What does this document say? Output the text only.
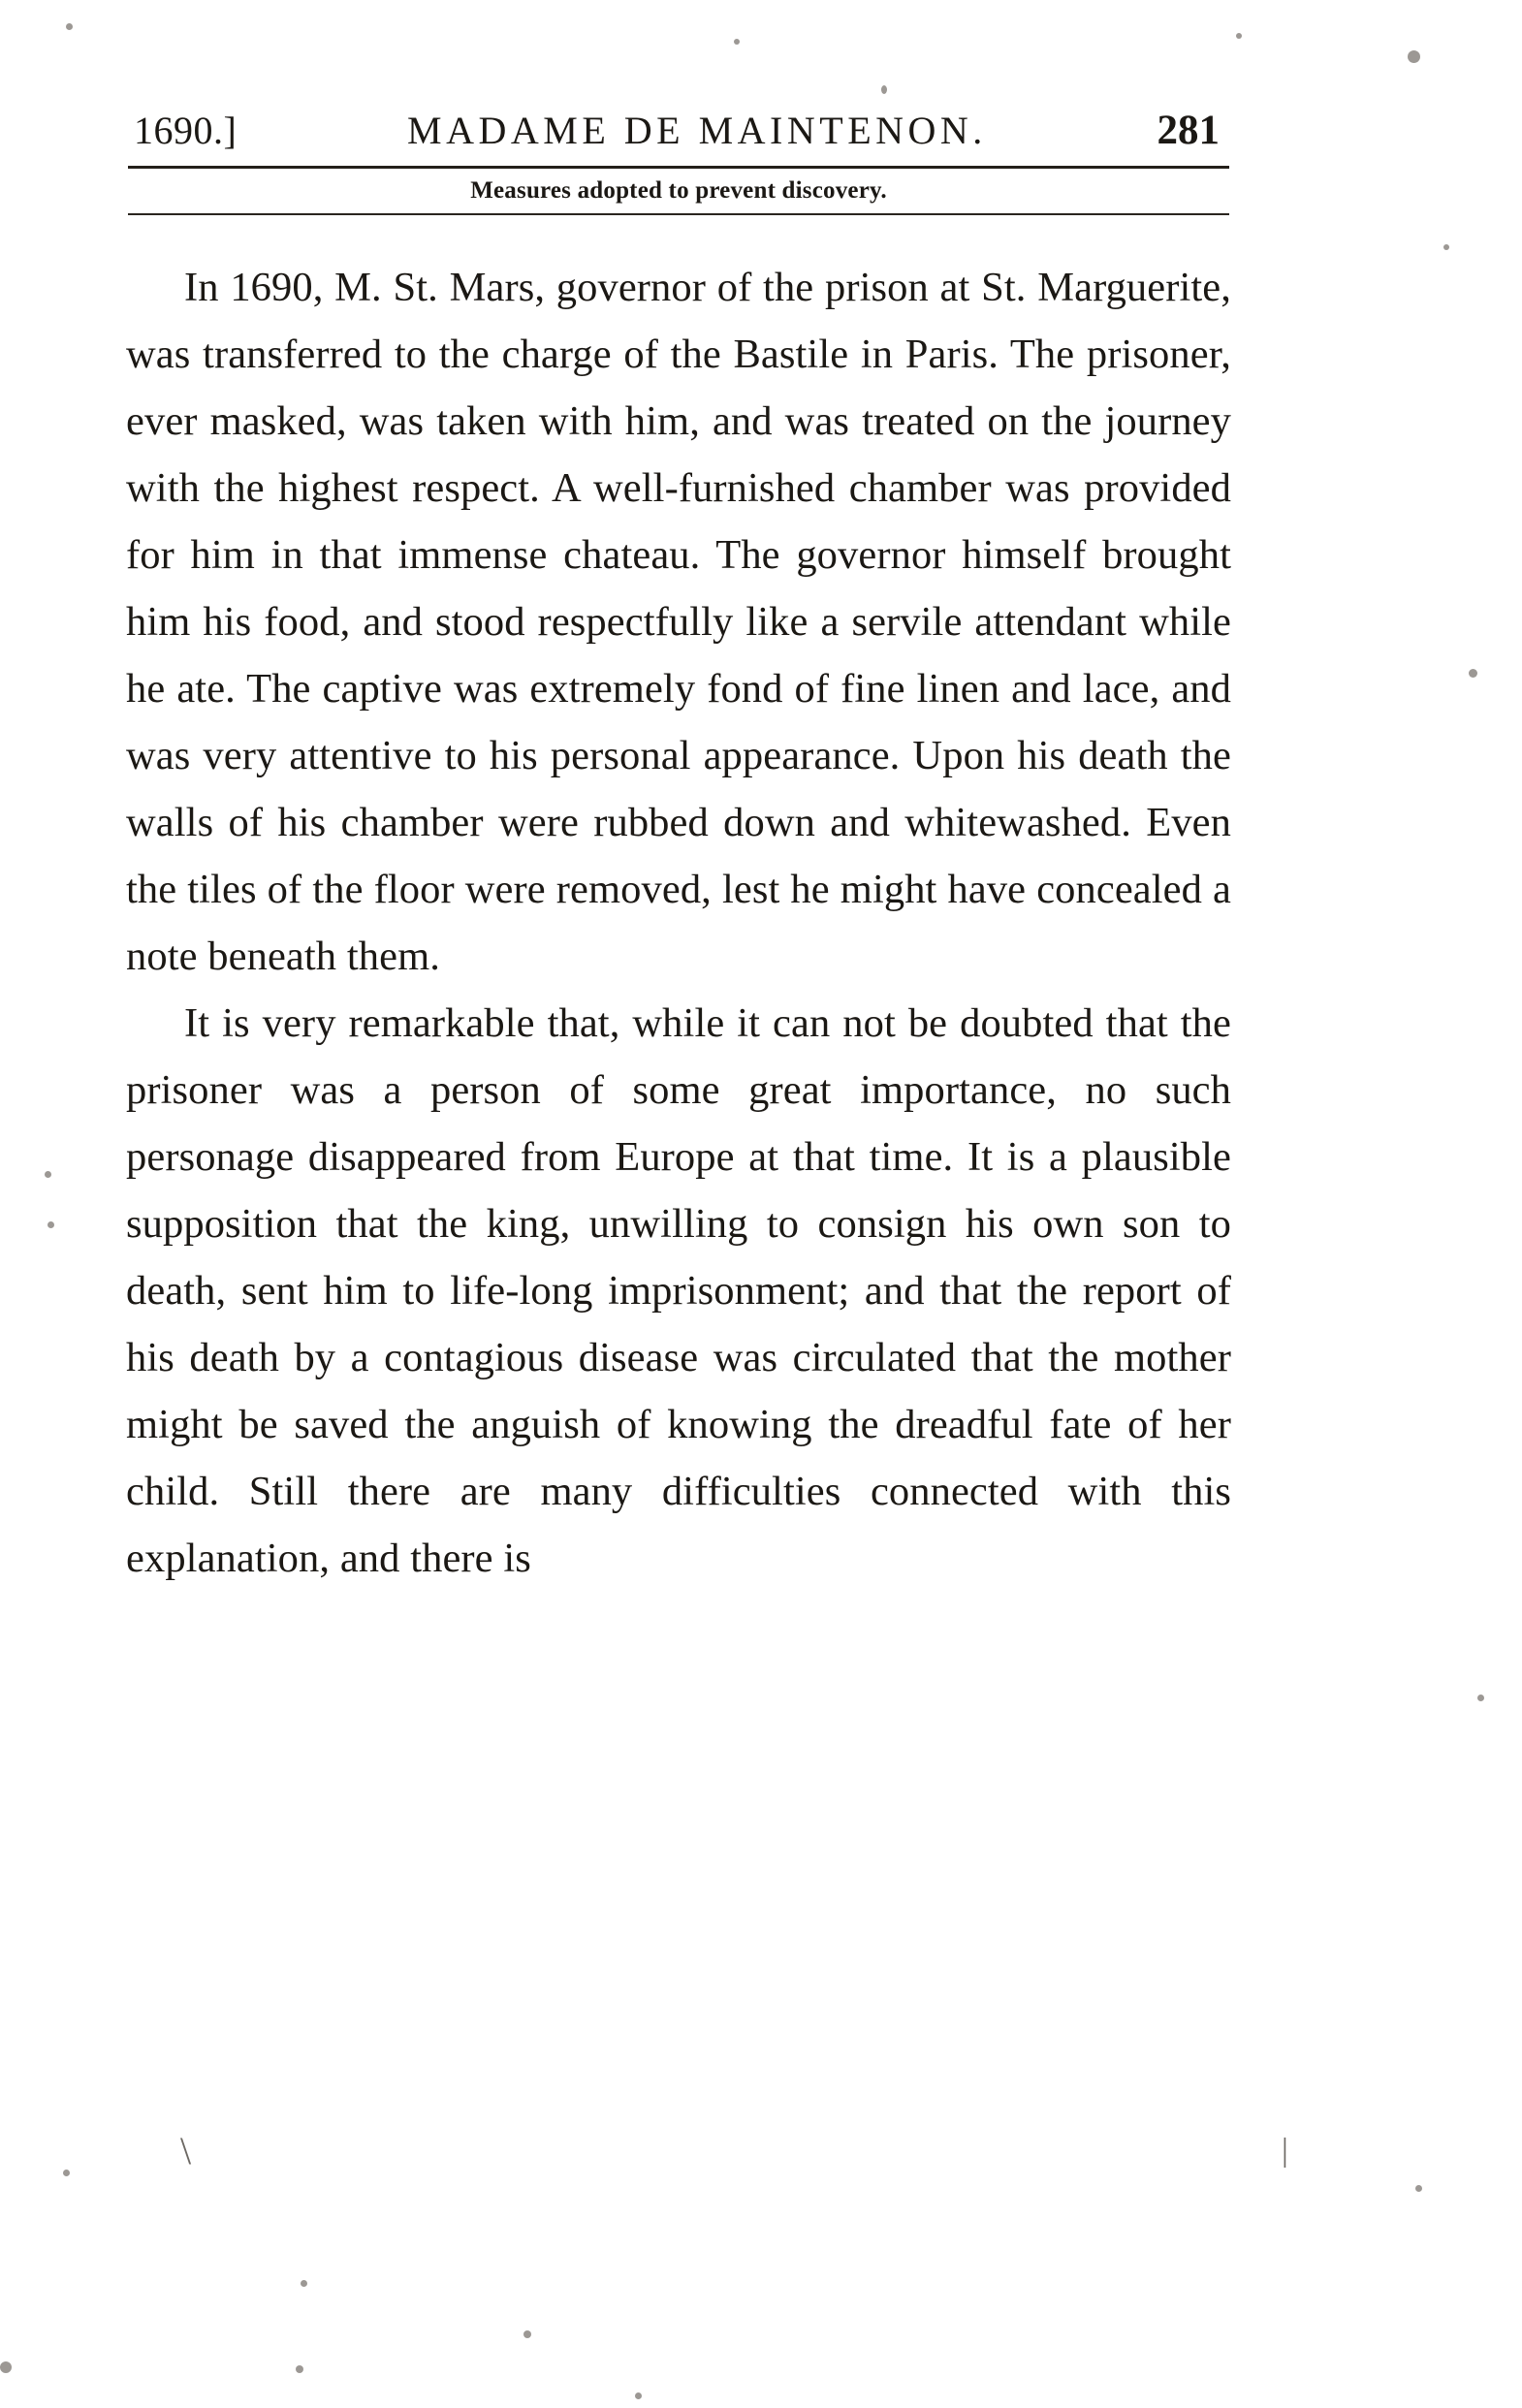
1690.]	MADAME DE MAINTENON.	281
Measures adopted to prevent discovery.

In 1690, M. St. Mars, governor of the prison at St. Marguerite, was transferred to the charge of the Bastile in Paris. The prisoner, ever masked, was taken with him, and was treated on the journey with the highest respect. A well-furnished chamber was provided for him in that immense chateau. The governor himself brought him his food, and stood respectfully like a servile attendant while he ate. The captive was extremely fond of fine linen and lace, and was very attentive to his personal appearance. Upon his death the walls of his chamber were rubbed down and whitewashed. Even the tiles of the floor were removed, lest he might have concealed a note beneath them.

It is very remarkable that, while it can not be doubted that the prisoner was a person of some great importance, no such personage disappeared from Europe at that time. It is a plausible supposition that the king, unwilling to consign his own son to death, sent him to life-long imprisonment; and that the report of his death by a contagious disease was circulated that the mother might be saved the anguish of knowing the dreadful fate of her child. Still there are many difficulties connected with this explanation, and there is

\	|
